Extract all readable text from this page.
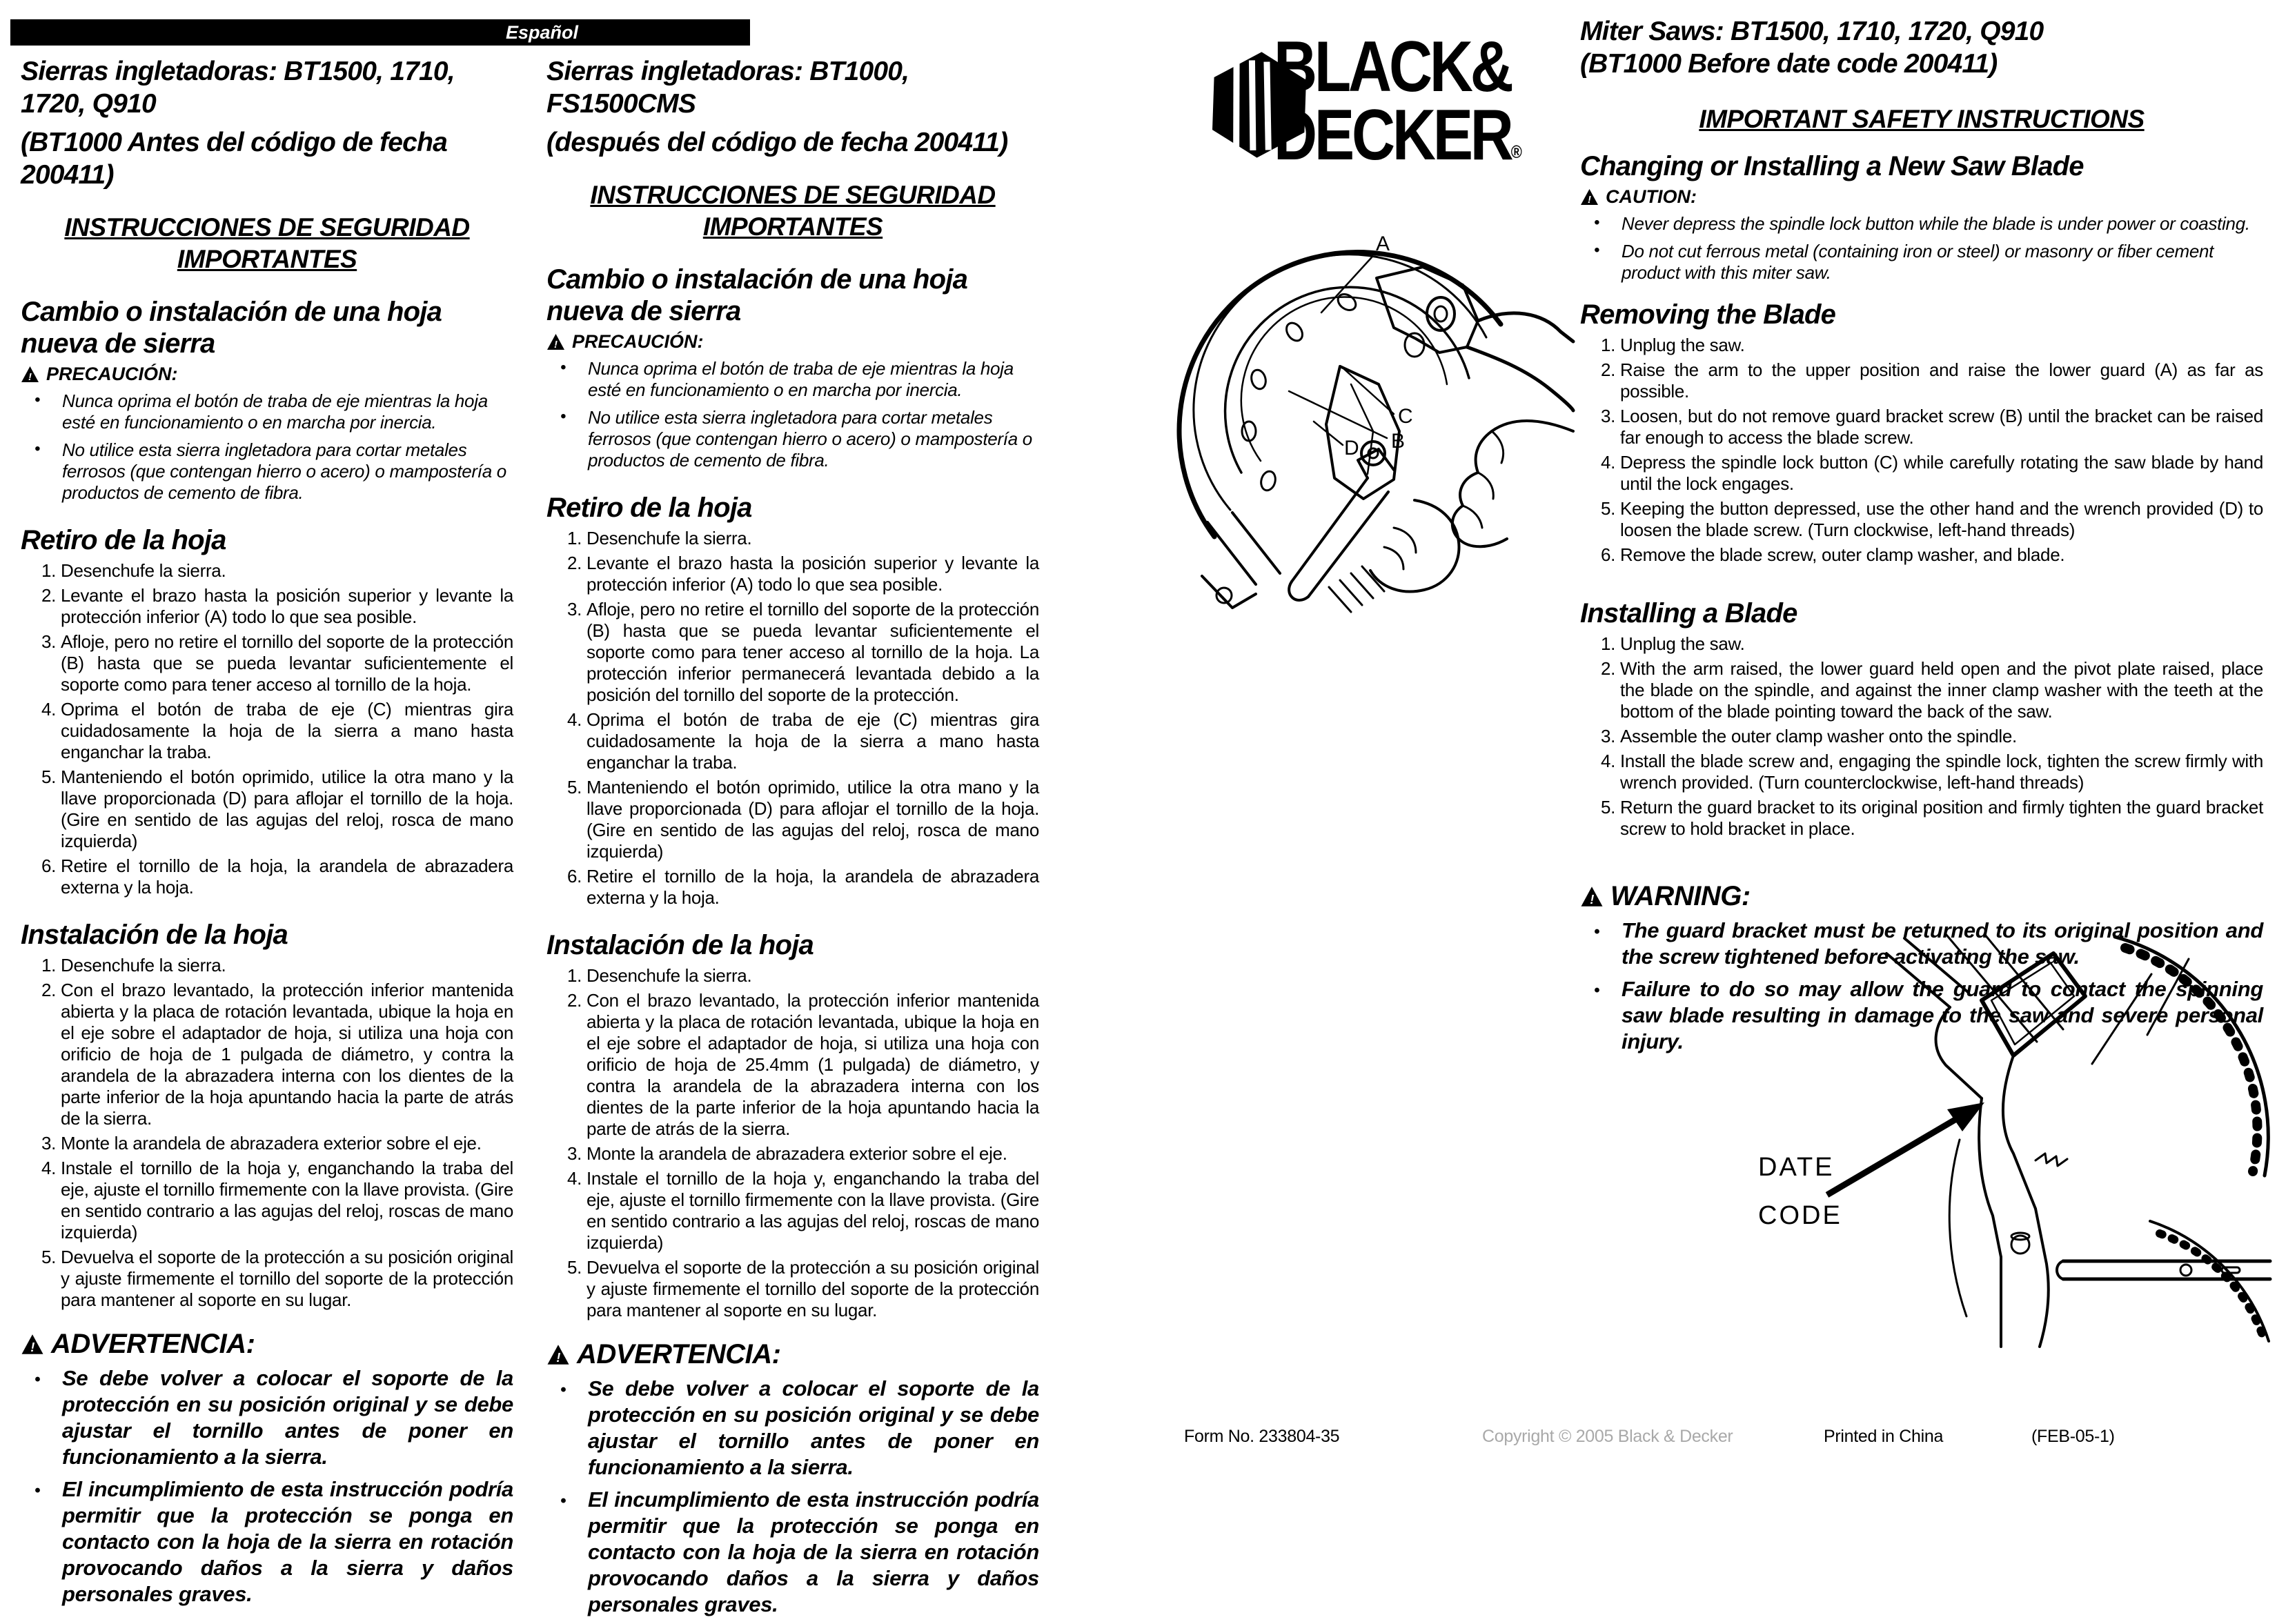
Español
Sierras ingletadoras: BT1500, 1710,
1720, Q910
(BT1000 Antes del código de fecha
200411)
INSTRUCCIONES DE SEGURIDAD
IMPORTANTES
Cambio o instalación de una hoja nueva de sierra
! PRECAUCIÓN:
• Nunca oprima el botón de traba de eje mientras la hoja esté en funcionamiento o en marcha por inercia.
• No utilice esta sierra ingletadora para cortar metales ferrosos (que contengan hierro o acero) o mampostería o productos de cemento de fibra.
Retiro de la hoja
1. Desenchufe la sierra.
2. Levante el brazo hasta la posición superior y levante la protección inferior (A) todo lo que sea posible.
3. Afloje, pero no retire el tornillo del soporte de la protección (B) hasta que se pueda levantar suficientemente el soporte como para tener acceso al tornillo de la hoja.
4. Oprima el botón de traba de eje (C) mientras gira cuidadosamente la hoja de la sierra a mano hasta enganchar la traba.
5. Manteniendo el botón oprimido, utilice la otra mano y la llave proporcionada (D) para aflojar el tornillo de la hoja. (Gire en sentido de las agujas del reloj, rosca de mano izquierda)
6. Retire el tornillo de la hoja, la arandela de abrazadera externa y la hoja.
Instalación de la hoja
1. Desenchufe la sierra.
2. Con el brazo levantado, la protección inferior mantenida abierta y la placa de rotación levantada, ubique la hoja en el eje sobre el adaptador de hoja, si utiliza una hoja con orificio de hoja de 1 pulgada de diámetro, y contra la arandela de la abrazadera interna con los dientes de la parte inferior de la hoja apuntando hacia la parte de atrás de la sierra.
3. Monte la arandela de abrazadera exterior sobre el eje.
4. Instale el tornillo de la hoja y, enganchando la traba del eje, ajuste el tornillo firmemente con la llave provista. (Gire en sentido contrario a las agujas del reloj, roscas de mano izquierda)
5. Devuelva el soporte de la protección a su posición original y ajuste firmemente el tornillo del soporte de la protección para mantener al soporte en su lugar.
! ADVERTENCIA:
• Se debe volver a colocar el soporte de la protección en su posición original y se debe ajustar el tornillo antes de poner en funcionamiento a la sierra.
• El incumplimiento de esta instrucción podría permitir que la protección se ponga en contacto con la hoja de la sierra en rotación provocando daños a la sierra y daños personales graves.
Sierras ingletadoras: BT1000,
FS1500CMS
(después del código de fecha 200411)
INSTRUCCIONES DE SEGURIDAD
IMPORTANTES
Cambio o instalación de una hoja nueva de sierra
! PRECAUCIÓN:
• Nunca oprima el botón de traba de eje mientras la hoja esté en funcionamiento o en marcha por inercia.
• No utilice esta sierra ingletadora para cortar metales ferrosos (que contengan hierro o acero) o mampostería o productos de cemento de fibra.
Retiro de la hoja
1. Desenchufe la sierra.
2. Levante el brazo hasta la posición superior y levante la protección inferior (A) todo lo que sea posible.
3. Afloje, pero no retire el tornillo del soporte de la protección (B) hasta que se pueda levantar suficientemente el soporte como para tener acceso al tornillo de la hoja. La protección inferior permanecerá levantada debido a la posición del tornillo del soporte de la protección.
4. Oprima el botón de traba de eje (C) mientras gira cuidadosamente la hoja de la sierra a mano hasta enganchar la traba.
5. Manteniendo el botón oprimido, utilice la otra mano y la llave proporcionada (D) para aflojar el tornillo de la hoja. (Gire en sentido de las agujas del reloj, rosca de mano izquierda)
6. Retire el tornillo de la hoja, la arandela de abrazadera externa y la hoja.
Instalación de la hoja
1. Desenchufe la sierra.
2. Con el brazo levantado, la protección inferior mantenida abierta y la placa de rotación levantada, ubique la hoja en el eje sobre el adaptador de hoja, si utiliza una hoja con orificio de hoja de 25.4mm (1 pulgada) de diámetro, y contra la arandela de la abrazadera interna con los dientes de la parte inferior de la hoja apuntando hacia la parte de atrás de la sierra.
3. Monte la arandela de abrazadera exterior sobre el eje.
4. Instale el tornillo de la hoja y, enganchando la traba del eje, ajuste el tornillo firmemente con la llave provista. (Gire en sentido contrario a las agujas del reloj, roscas de mano izquierda)
5. Devuelva el soporte de la protección a su posición original y ajuste firmemente el tornillo del soporte de la protección para mantener al soporte en su lugar.
! ADVERTENCIA:
• Se debe volver a colocar el soporte de la protección en su posición original y se debe ajustar el tornillo antes de poner en funcionamiento a la sierra.
• El incumplimiento de esta instrucción podría permitir que la protección se ponga en contacto con la hoja de la sierra en rotación provocando daños a la sierra y daños personales graves.
BLACK&
DECKER®
A
C
B
D
Miter Saws: BT1500, 1710, 1720, Q910
(BT1000 Before date code 200411)
IMPORTANT SAFETY INSTRUCTIONS
Changing or Installing a New Saw Blade
! CAUTION:
• Never depress the spindle lock button while the blade is under power or coasting.
• Do not cut ferrous metal (containing iron or steel) or masonry or fiber cement product with this miter saw.
Removing the Blade
1. Unplug the saw.
2. Raise the arm to the upper position and raise the lower guard (A) as far as possible.
3. Loosen, but do not remove guard bracket screw (B) until the bracket can be raised far enough to access the blade screw.
4. Depress the spindle lock button (C) while carefully rotating the saw blade by hand until the lock engages.
5. Keeping the button depressed, use the other hand and the wrench provided (D) to loosen the blade screw. (Turn clockwise, left-hand threads)
6. Remove the blade screw, outer clamp washer, and blade.
Installing a Blade
1. Unplug the saw.
2. With the arm raised, the lower guard held open and the pivot plate raised, place the blade on the spindle, and against the inner clamp washer with the teeth at the bottom of the blade pointing toward the back of the saw.
3. Assemble the outer clamp washer onto the spindle.
4. Install the blade screw and, engaging the spindle lock, tighten the screw firmly with wrench provided. (Turn counterclockwise, left-hand threads)
5. Return the guard bracket to its original position and firmly tighten the guard bracket screw to hold bracket in place.
! WARNING:
• The guard bracket must be returned to its original position and the screw tightened before activating the saw.
• Failure to do so may allow the guard to contact the spinning saw blade resulting in damage to the saw and severe personal injury.
DATE
CODE
Form No. 233804-35	Copyright © 2005 Black & Decker	Printed in China	(FEB-05-1)
